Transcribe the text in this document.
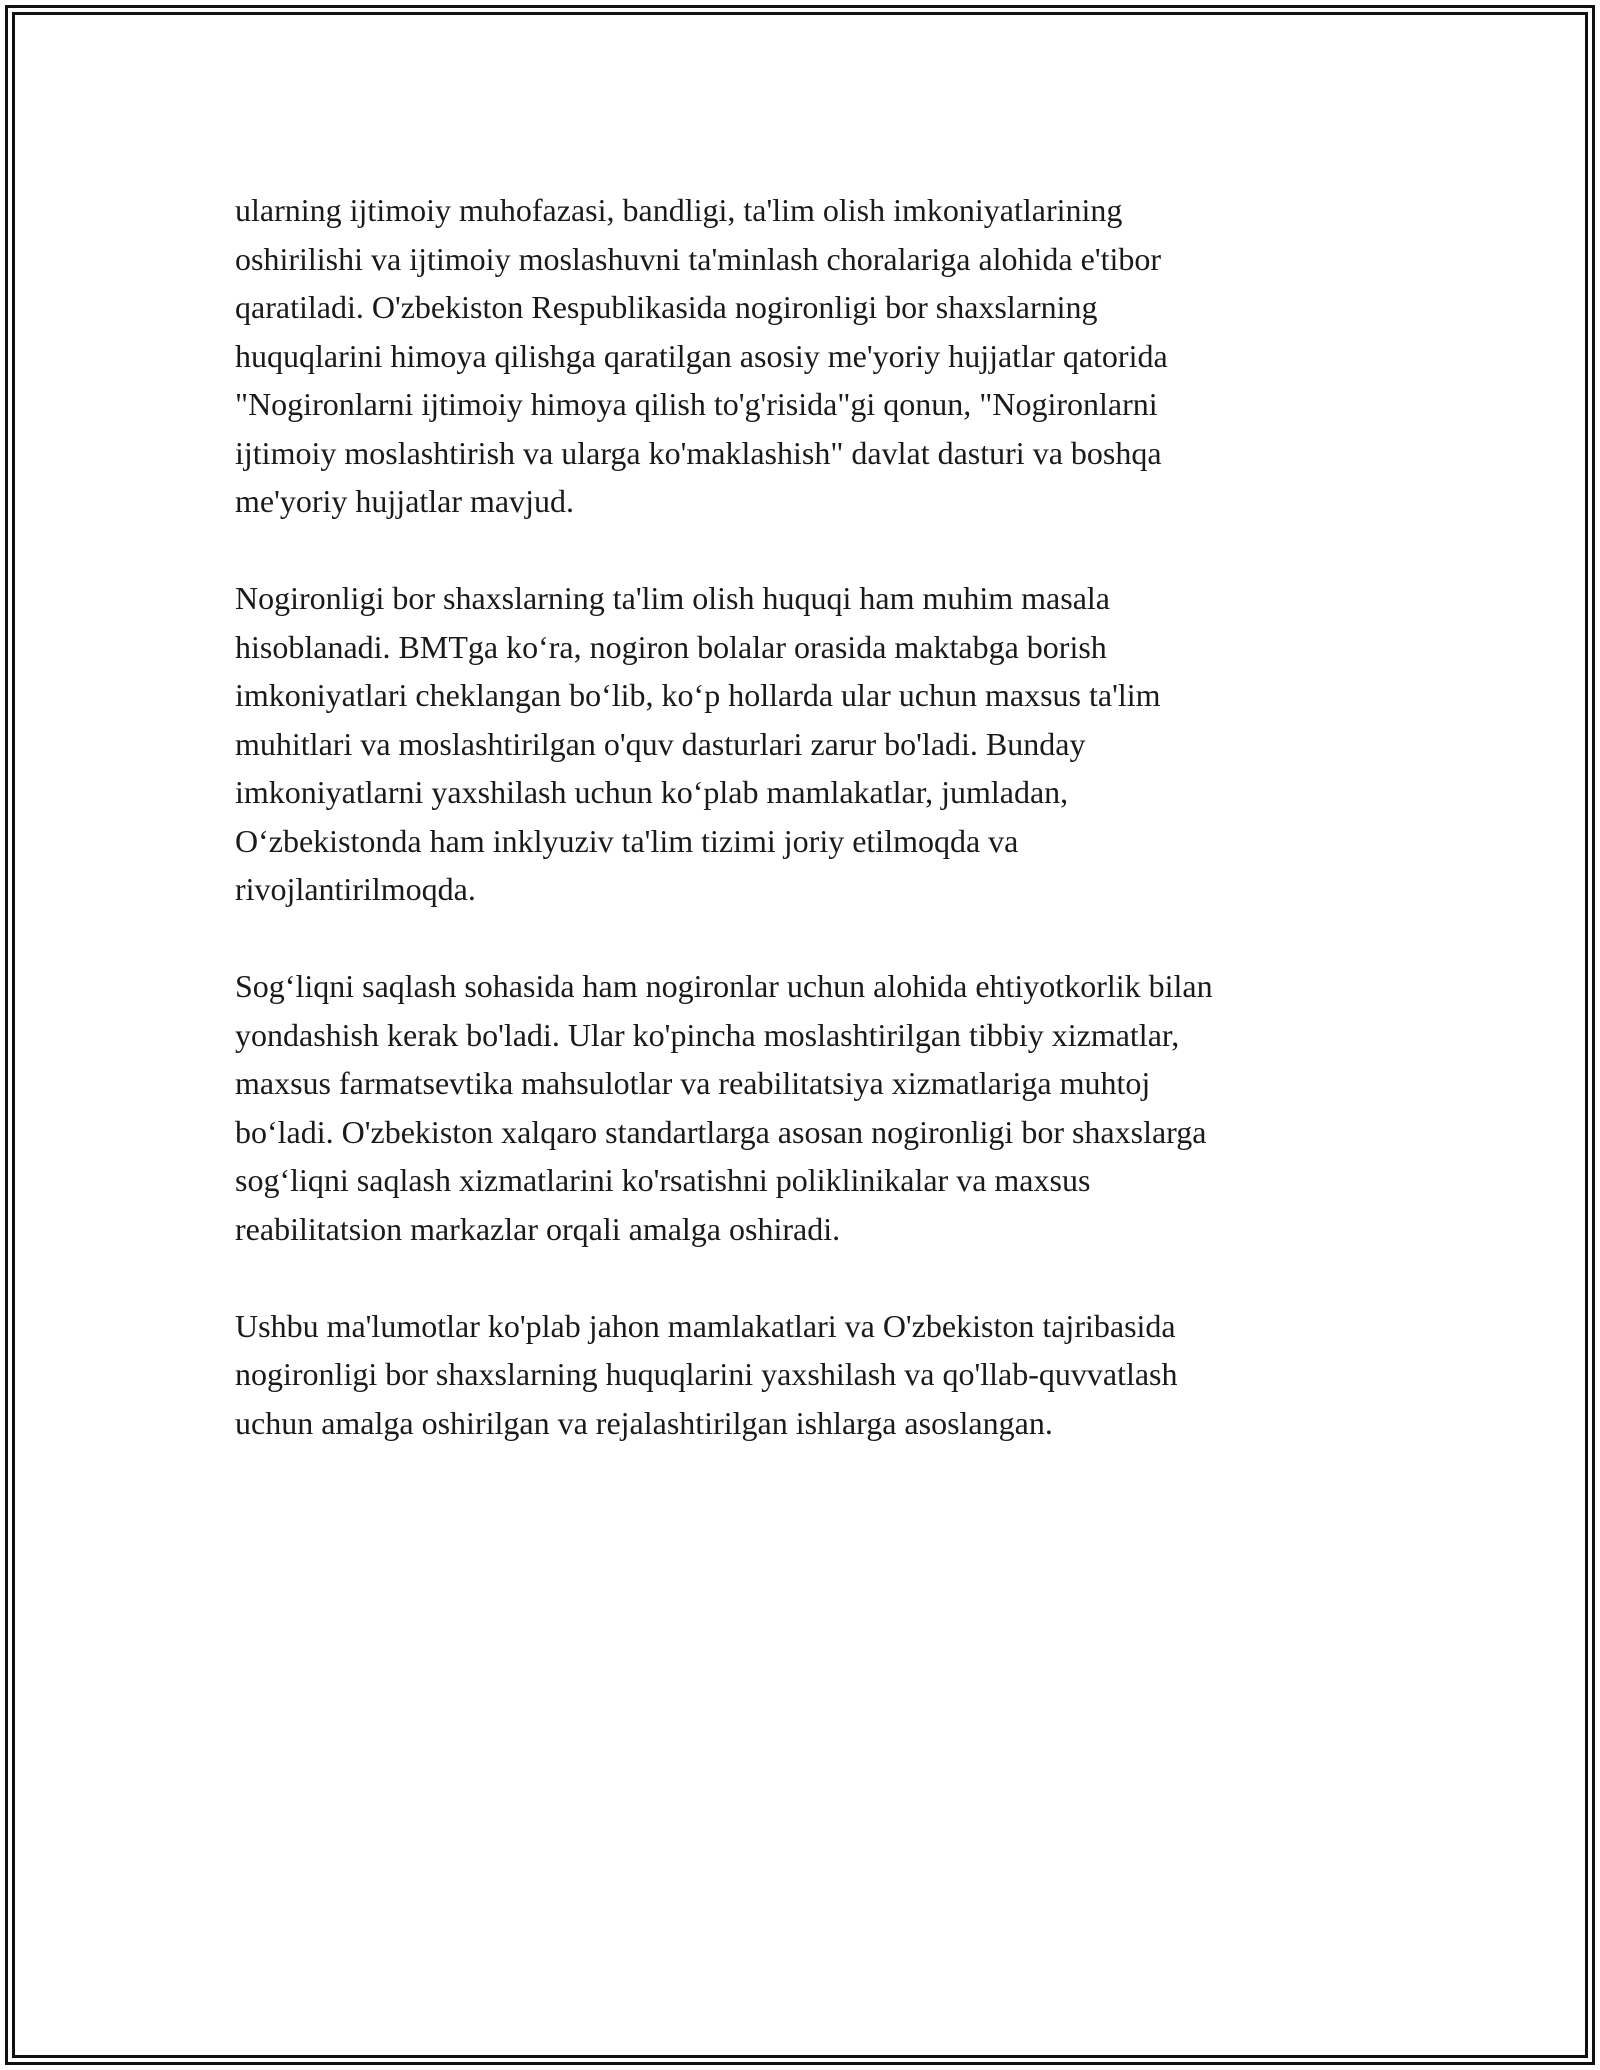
ularning ijtimoiy muhofazasi, bandligi, ta'lim olish imkoniyatlarining
oshirilishi va ijtimoiy moslashuvni ta'minlash choralariga alohida e'tibor
qaratiladi. O'zbekiston Respublikasida nogironligi bor shaxslarning
huquqlarini himoya qilishga qaratilgan asosiy me'yoriy hujjatlar qatorida
"Nogironlarni ijtimoiy himoya qilish to'g'risida"gi qonun, "Nogironlarni
ijtimoiy moslashtirish va ularga ko'maklashish" davlat dasturi va boshqa
me'yoriy hujjatlar mavjud.

Nogironligi bor shaxslarning ta'lim olish huquqi ham muhim masala
hisoblanadi. BMTga ko‘ra, nogiron bolalar orasida maktabga borish
imkoniyatlari cheklangan bo‘lib, ko‘p hollarda ular uchun maxsus ta'lim
muhitlari va moslashtirilgan o'quv dasturlari zarur bo'ladi. Bunday
imkoniyatlarni yaxshilash uchun ko‘plab mamlakatlar, jumladan,
O‘zbekistonda ham inklyuziv ta'lim tizimi joriy etilmoqda va
rivojlantirilmoqda.

Sog‘liqni saqlash sohasida ham nogironlar uchun alohida ehtiyotkorlik bilan
yondashish kerak bo'ladi. Ular ko'pincha moslashtirilgan tibbiy xizmatlar,
maxsus farmatsevtika mahsulotlar va reabilitatsiya xizmatlariga muhtoj
bo‘ladi. O'zbekiston xalqaro standartlarga asosan nogironligi bor shaxslarga
sog‘liqni saqlash xizmatlarini ko'rsatishni poliklinikalar va maxsus
reabilitatsion markazlar orqali amalga oshiradi.

Ushbu ma'lumotlar ko'plab jahon mamlakatlari va O'zbekiston tajribasida
nogironligi bor shaxslarning huquqlarini yaxshilash va qo'llab-quvvatlash
uchun amalga oshirilgan va rejalashtirilgan ishlarga asoslangan.
